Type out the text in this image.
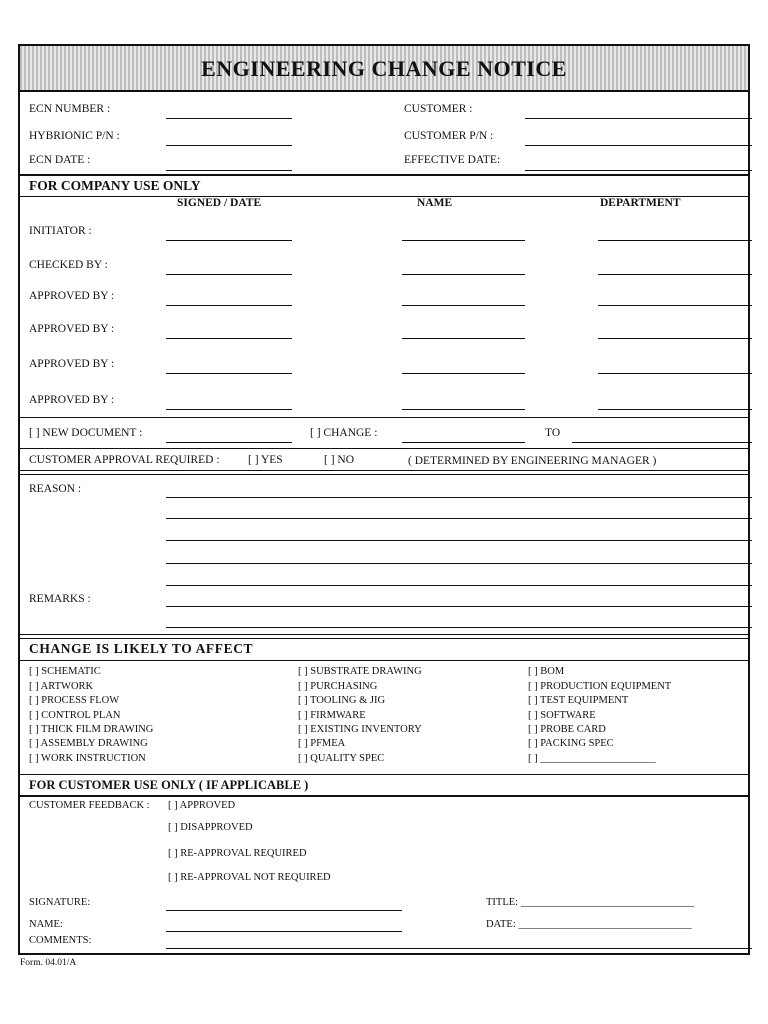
ENGINEERING CHANGE NOTICE
ECN NUMBER :	CUSTOMER :
HYBRIONIC P/N :	CUSTOMER P/N :
ECN DATE :	EFFECTIVE DATE:
FOR COMPANY USE ONLY
SIGNED / DATE	NAME	DEPARTMENT
INITIATOR :
CHECKED BY :
APPROVED BY :
APPROVED BY :
APPROVED BY :
APPROVED BY :
[ ] NEW DOCUMENT :	[ ] CHANGE :	TO
CUSTOMER APPROVAL REQUIRED : [ ] YES	[ ] NO	( DETERMINED BY ENGINEERING MANAGER )
REASON :
REMARKS :
CHANGE IS LIKELY TO AFFECT
[ ] SCHEMATIC
[ ] ARTWORK
[ ] PROCESS FLOW
[ ] CONTROL PLAN
[ ] THICK FILM DRAWING
[ ] ASSEMBLY DRAWING
[ ] WORK INSTRUCTION
[ ] SUBSTRATE DRAWING
[ ] PURCHASING
[ ] TOOLING & JIG
[ ] FIRMWARE
[ ] EXISTING INVENTORY
[ ] PFMEA
[ ] QUALITY SPEC
[ ] BOM
[ ] PRODUCTION EQUIPMENT
[ ] TEST EQUIPMENT
[ ] SOFTWARE
[ ] PROBE CARD
[ ] PACKING SPEC
[ ] ______________________
FOR CUSTOMER USE ONLY ( IF APPLICABLE )
CUSTOMER FEEDBACK : [ ] APPROVED
[ ] DISAPPROVED
[ ] RE-APPROVAL REQUIRED
[ ] RE-APPROVAL NOT REQUIRED
SIGNATURE:	TITLE: _________________________________
NAME:	DATE: _________________________________
COMMENTS:
Form. 04.01/A
